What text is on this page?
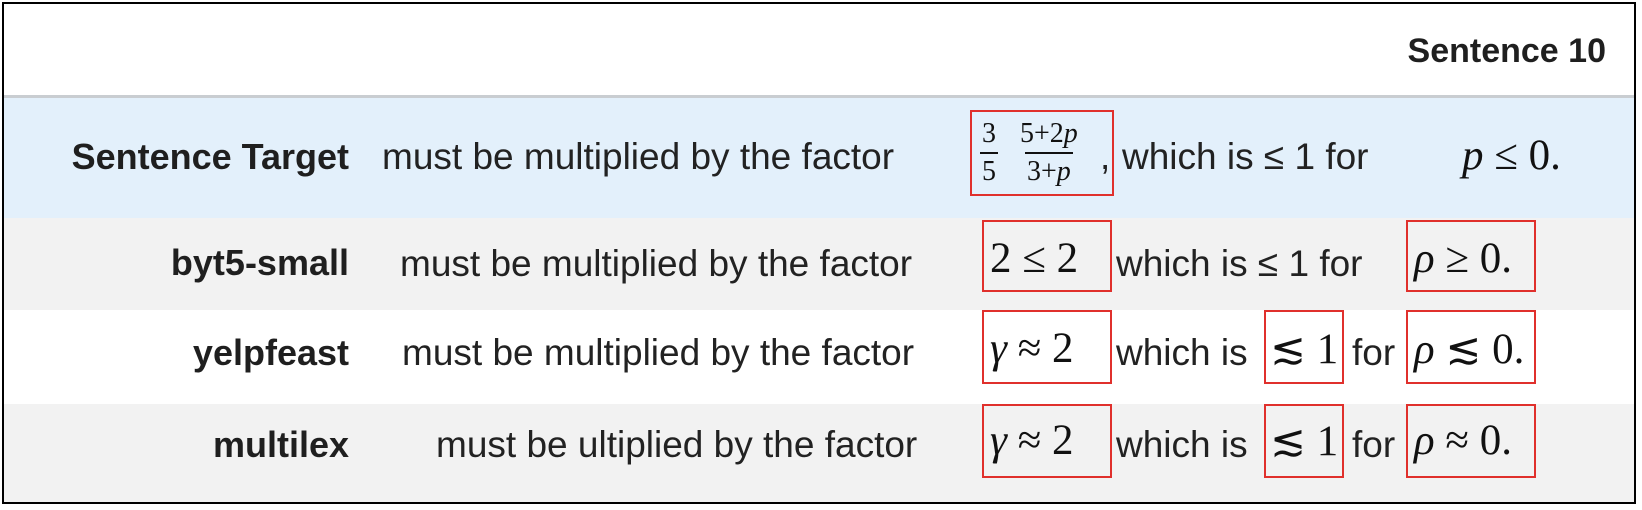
Sentence 10
Sentence Target must be multiplied by the factor	$\frac{3}{5} \frac{5+2p}{3+p}$ , which is ≤ 1 for p ≤ 0.
byt5-small must be multiplied by the factor 2 ≤ 2 which is ≤ 1 for ρ ≥ 0.
yelpfeast must be multiplied by the factor γ ≈ 2 which is ≲ 1 for ρ ≲ 0.
multilex must be ultiplied by the factor γ ≈ 2 which is ≲ 1 for ρ ≈ 0.
